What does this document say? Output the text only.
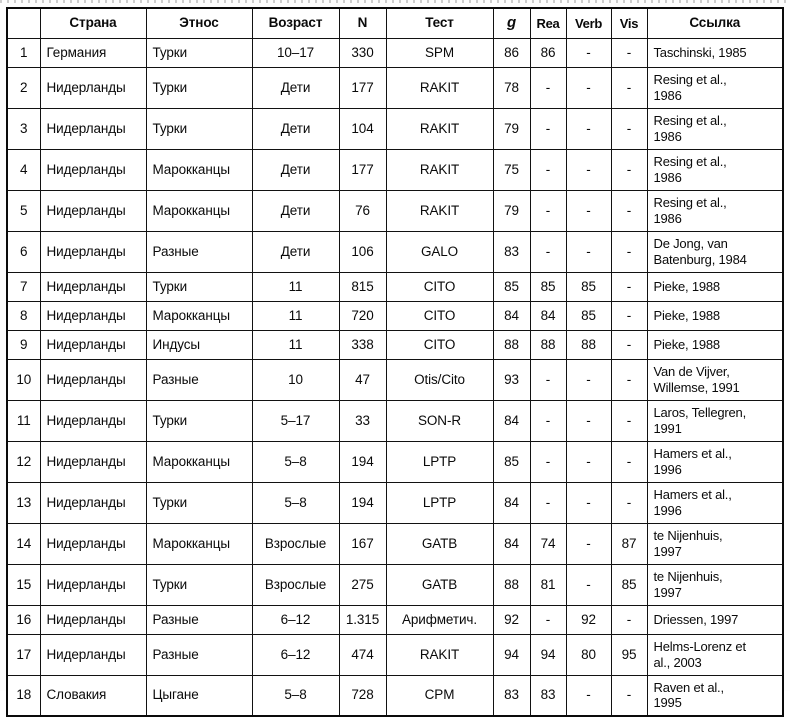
	Страна	Этнос	Возраст	N	Тест	g	Rea	Verb	Vis	Ссылка
1	Германия	Турки	10–17	330	SPM	86	86	-	-	Taschinski, 1985

2	Нидерланды	Турки	Дети	177	RAKIT	78	-	-	-	Resing et al.,
1986

3	Нидерланды	Турки	Дети	104	RAKIT	79	-	-	-	Resing et al.,
1986

4	Нидерланды	Марокканцы	Дети	177	RAKIT	75	-	-	-	Resing et al.,
1986

5	Нидерланды	Марокканцы	Дети	76	RAKIT	79	-	-	-	Resing et al.,
1986

6	Нидерланды	Разные	Дети	106	GALO	83	-	-	-	De Jong, van
Batenburg, 1984

7	Нидерланды	Турки	11	815	CITO	85	85	85	-	Pieke, 1988

8	Нидерланды	Марокканцы	11	720	CITO	84	84	85	-	Pieke, 1988

9	Нидерланды	Индусы	11	338	CITO	88	88	88	-	Pieke, 1988

10	Нидерланды	Разные	10	47	Otis/Cito	93	-	-	-	Van de Vijver,
Willemse, 1991

11	Нидерланды	Турки	5–17	33	SON-R	84	-	-	-	Laros, Tellegren,
1991

12	Нидерланды	Марокканцы	5–8	194	LPTP	85	-	-	-	Hamers et al.,
1996

13	Нидерланды	Турки	5–8	194	LPTP	84	-	-	-	Hamers et al.,
1996

14	Нидерланды	Марокканцы	Взрослые	167	GATB	84	74	-	87	te Nijenhuis,
1997

15	Нидерланды	Турки	Взрослые	275	GATB	88	81	-	85	te Nijenhuis,
1997

16	Нидерланды	Разные	6–12	1.315	Арифметич.	92	-	92	-	Driessen, 1997

17	Нидерланды	Разные	6–12	474	RAKIT	94	94	80	95	Helms-Lorenz et
al., 2003

18	Словакия	Цыгане	5–8	728	CPM	83	83	-	-	Raven et al.,
1995
